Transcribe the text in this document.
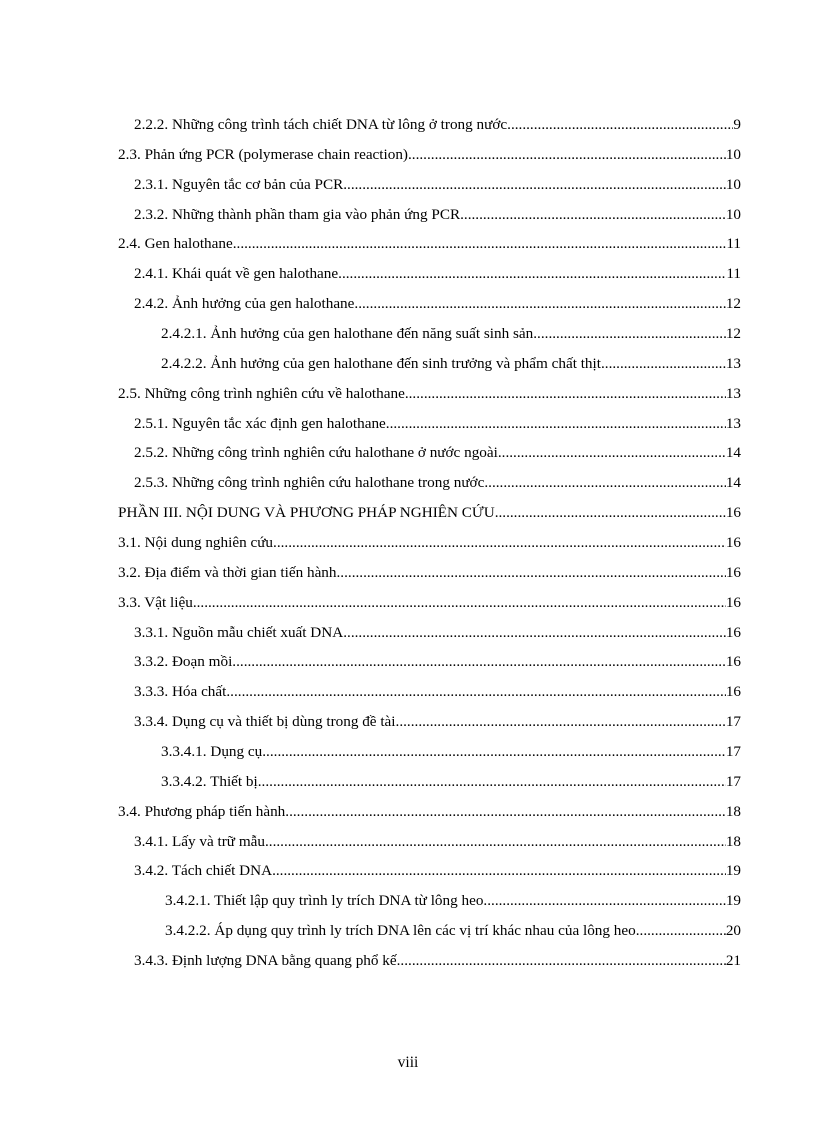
2.2.2. Những công trình tách chiết DNA từ lông ở trong nước .....	9
2.3. Phản ứng PCR (polymerase chain reaction) .....	10
2.3.1. Nguyên tắc cơ bản của PCR .....	10
2.3.2. Những thành phần tham gia vào phản ứng PCR .....	10
2.4. Gen halothane .....	11
2.4.1. Khái quát về gen halothane .....	11
2.4.2. Ảnh hưởng của gen halothane .....	12
2.4.2.1. Ảnh hưởng của gen halothane đến năng suất sinh sản .....	12
2.4.2.2. Ảnh hưởng của gen halothane đến sinh trưởng và phẩm chất thịt .....	13
2.5. Những công trình nghiên cứu về halothane .....	13
2.5.1. Nguyên tắc xác định gen halothane .....	13
2.5.2. Những công trình nghiên cứu halothane ở nước ngoài .....	14
2.5.3. Những công trình nghiên cứu halothane trong nước .....	14
PHẦN III. NỘI DUNG VÀ PHƯƠNG PHÁP NGHIÊN CỨU .....	16
3.1. Nội dung nghiên cứu .....	16
3.2. Địa điểm và thời gian tiến hành .....	16
3.3. Vật liệu .....	16
3.3.1. Nguồn mẫu chiết xuất DNA .....	16
3.3.2. Đoạn mồi .....	16
3.3.3. Hóa chất .....	16
3.3.4. Dụng cụ và thiết bị dùng trong đề tài .....	17
3.3.4.1. Dụng cụ .....	17
3.3.4.2. Thiết bị .....	17
3.4. Phương pháp tiến hành .....	18
3.4.1. Lấy và trữ mẫu .....	18
3.4.2. Tách chiết DNA .....	19
3.4.2.1. Thiết lập quy trình ly trích DNA từ lông heo .....	19
3.4.2.2. Áp dụng quy trình ly trích DNA lên các vị trí khác nhau của lông heo .....	20
3.4.3. Định lượng DNA bằng quang phổ kế .....	21
viii
